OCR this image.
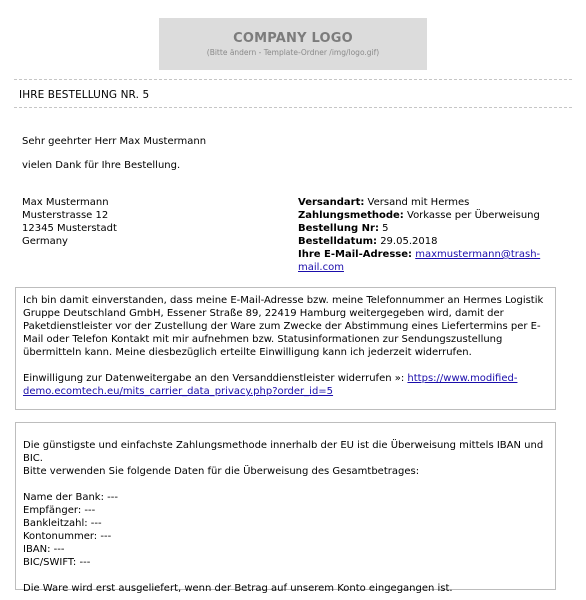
COMPANY LOGO
(Bitte ändern - Template-Ordner /img/logo.gif)
IHRE BESTELLUNG NR. 5
Sehr geehrter Herr Max Mustermann
vielen Dank für Ihre Bestellung.
Max Mustermann
Musterstrasse 12
12345 Musterstadt
Germany
Versandart: Versand mit Hermes
Zahlungsmethode: Vorkasse per Überweisung
Bestellung Nr: 5
Bestelldatum: 29.05.2018
Ihre E-Mail-Adresse: maxmustermann@trash-mail.com

Ich bin damit einverstanden, dass meine E-Mail-Adresse bzw. meine Telefonnummer an Hermes Logistik Gruppe Deutschland GmbH, Essener Straße 89, 22419 Hamburg weitergegeben wird, damit der Paketdienstleister vor der Zustellung der Ware zum Zwecke der Abstimmung eines Liefertermins per E-Mail oder Telefon Kontakt mit mir aufnehmen bzw. Statusinformationen zur Sendungszustellung übermitteln kann. Meine diesbezüglich erteilte Einwilligung kann ich jederzeit widerrufen.

Einwilligung zur Datenweitergabe an den Versanddienstleister widerrufen »: https://www.modified-demo.ecomtech.eu/mits_carrier_data_privacy.php?order_id=5

Die günstigste und einfachste Zahlungsmethode innerhalb der EU ist die Überweisung mittels IBAN und BIC.

Bitte verwenden Sie folgende Daten für die Überweisung des Gesamtbetrages:

Name der Bank: ---

Empfänger: ---

Bankleitzahl: ---

Kontonummer: ---

IBAN: ---

BIC/SWIFT: ---

Die Ware wird erst ausgeliefert, wenn der Betrag auf unserem Konto eingegangen ist.
